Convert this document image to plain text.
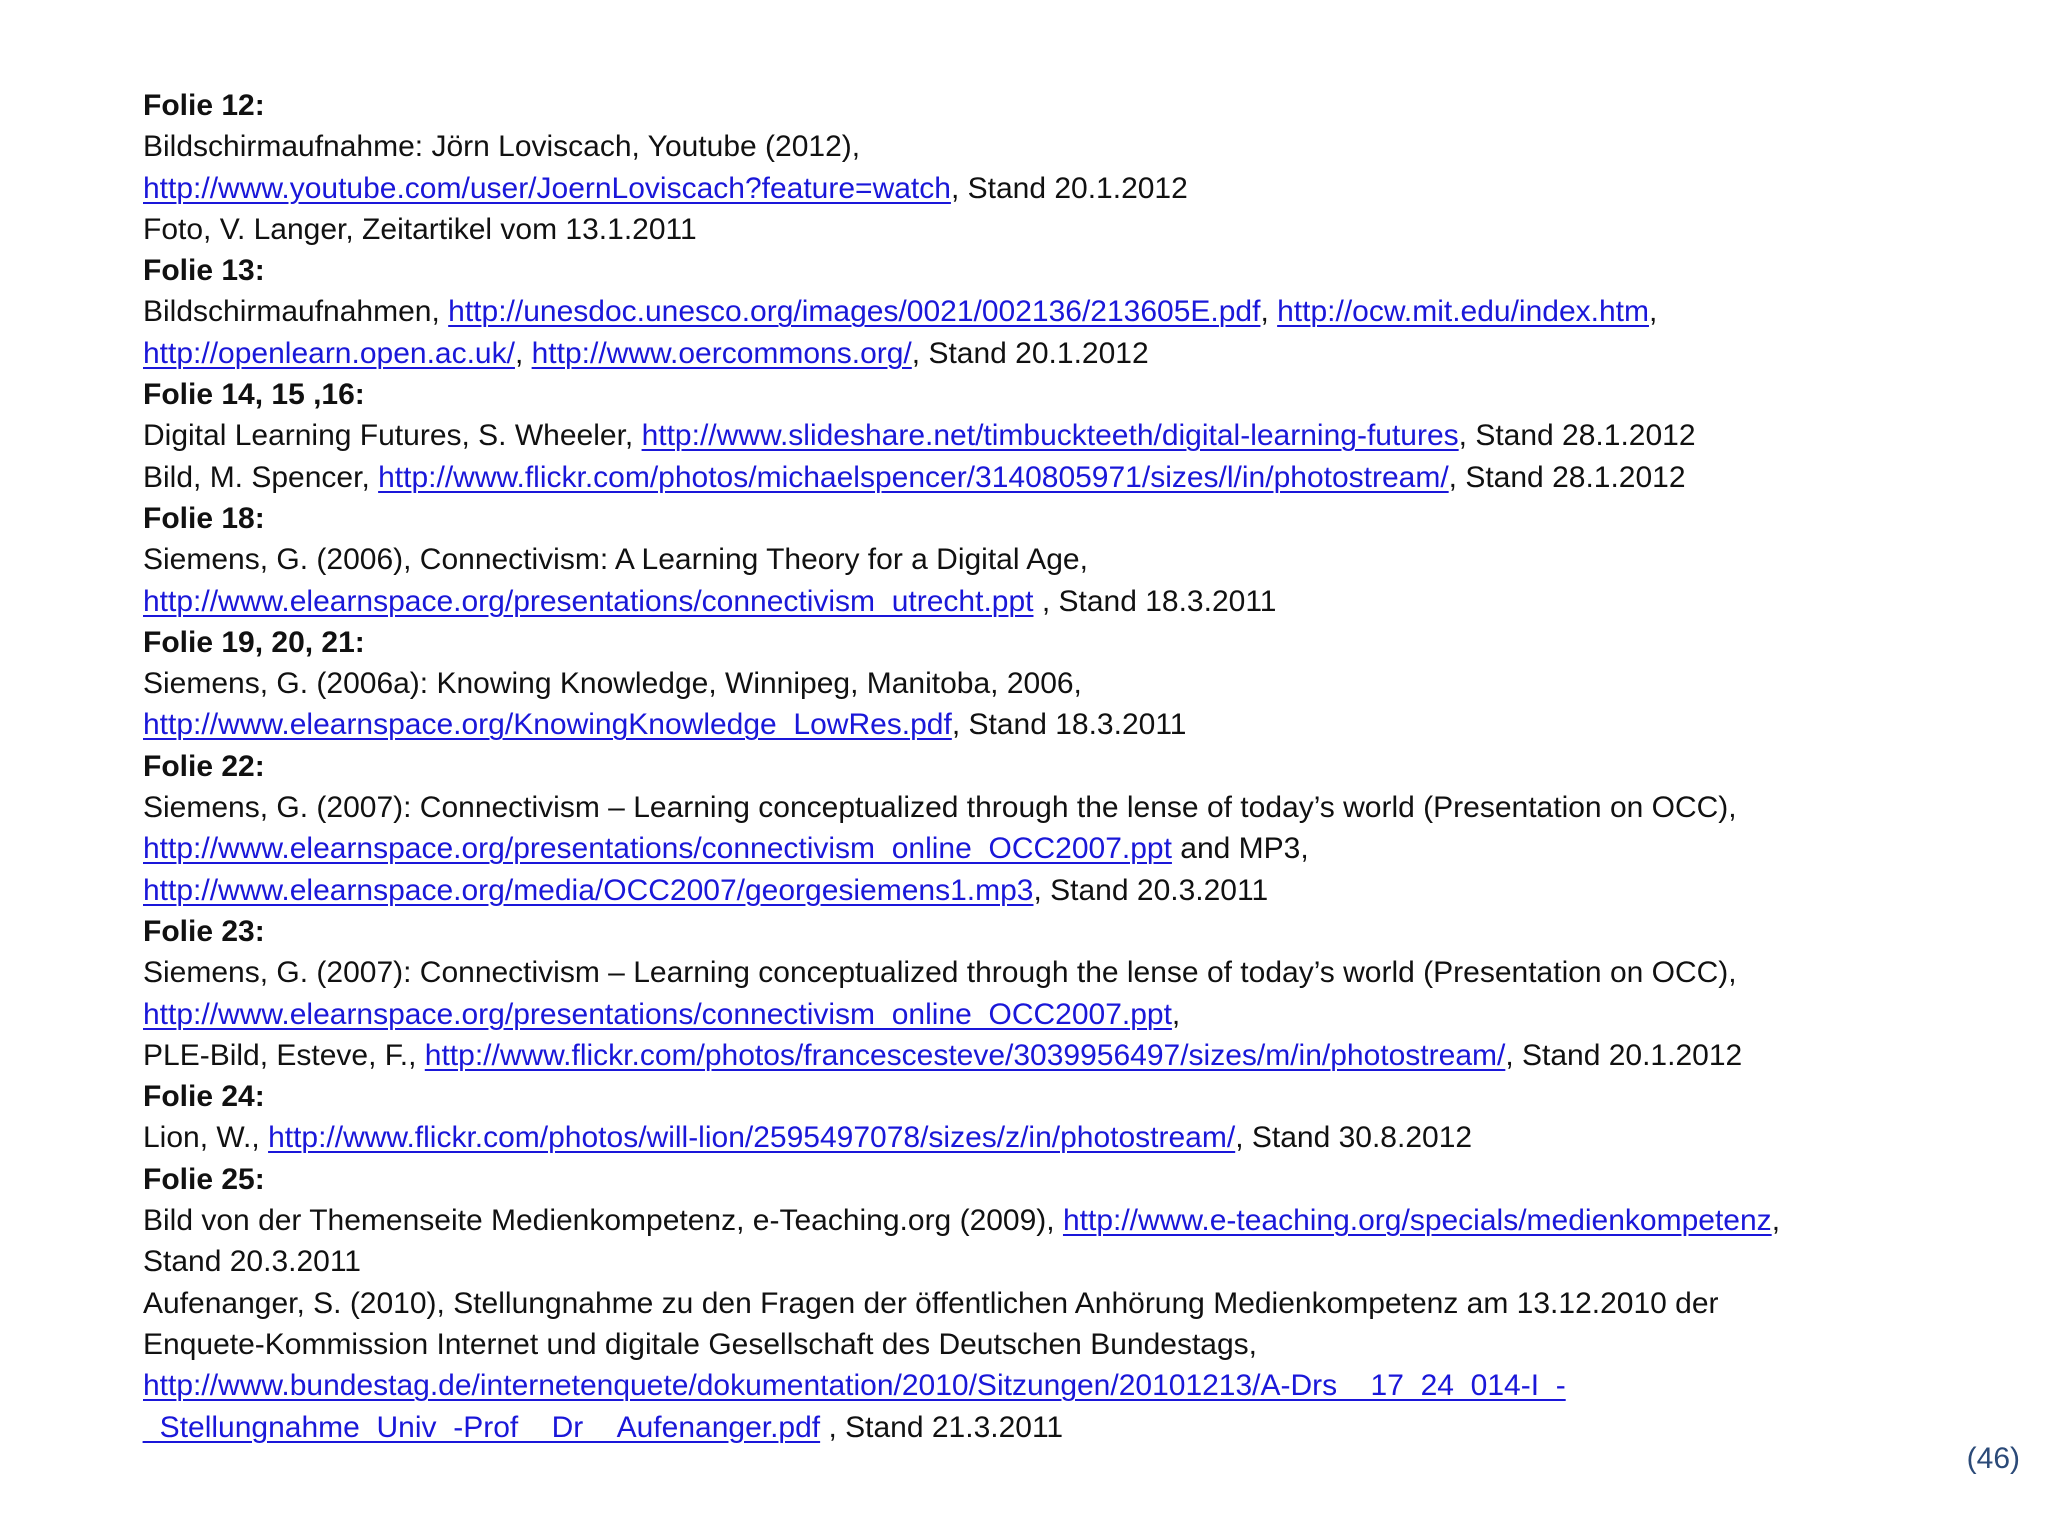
Folie 12:
Bildschirmaufnahme: Jörn Loviscach, Youtube (2012),
http://www.youtube.com/user/JoernLoviscach?feature=watch, Stand 20.1.2012
Foto, V. Langer, Zeitartikel vom 13.1.2011
Folie 13:
Bildschirmaufnahmen, http://unesdoc.unesco.org/images/0021/002136/213605E.pdf, http://ocw.mit.edu/index.htm,
http://openlearn.open.ac.uk/, http://www.oercommons.org/, Stand 20.1.2012
Folie 14, 15 ,16:
Digital Learning Futures, S. Wheeler, http://www.slideshare.net/timbuckteeth/digital-learning-futures, Stand 28.1.2012
Bild, M. Spencer, http://www.flickr.com/photos/michaelspencer/3140805971/sizes/l/in/photostream/, Stand 28.1.2012
Folie 18:
Siemens, G. (2006), Connectivism: A Learning Theory for a Digital Age,
http://www.elearnspace.org/presentations/connectivism_utrecht.ppt , Stand 18.3.2011
Folie 19, 20, 21:
Siemens, G. (2006a): Knowing Knowledge, Winnipeg, Manitoba, 2006,
http://www.elearnspace.org/KnowingKnowledge_LowRes.pdf, Stand 18.3.2011
Folie 22:
Siemens, G. (2007): Connectivism – Learning conceptualized through the lense of today’s world (Presentation on OCC),
http://www.elearnspace.org/presentations/connectivism_online_OCC2007.ppt and MP3,
http://www.elearnspace.org/media/OCC2007/georgesiemens1.mp3, Stand 20.3.2011
Folie 23:
Siemens, G. (2007): Connectivism – Learning conceptualized through the lense of today’s world (Presentation on OCC),
http://www.elearnspace.org/presentations/connectivism_online_OCC2007.ppt,
PLE-Bild, Esteve, F., http://www.flickr.com/photos/francescesteve/3039956497/sizes/m/in/photostream/, Stand 20.1.2012
Folie 24:
Lion, W., http://www.flickr.com/photos/will-lion/2595497078/sizes/z/in/photostream/, Stand 30.8.2012
Folie 25:
Bild von der Themenseite Medienkompetenz, e-Teaching.org (2009), http://www.e-teaching.org/specials/medienkompetenz,
Stand 20.3.2011
Aufenanger, S. (2010), Stellungnahme zu den Fragen der öffentlichen Anhörung Medienkompetenz am 13.12.2010 der
Enquete-Kommission Internet und digitale Gesellschaft des Deutschen Bundestags,
http://www.bundestag.de/internetenquete/dokumentation/2010/Sitzungen/20101213/A-Drs__17_24_014-I_-
_Stellungnahme_Univ_-Prof__Dr__Aufenanger.pdf , Stand 21.3.2011
(46)
